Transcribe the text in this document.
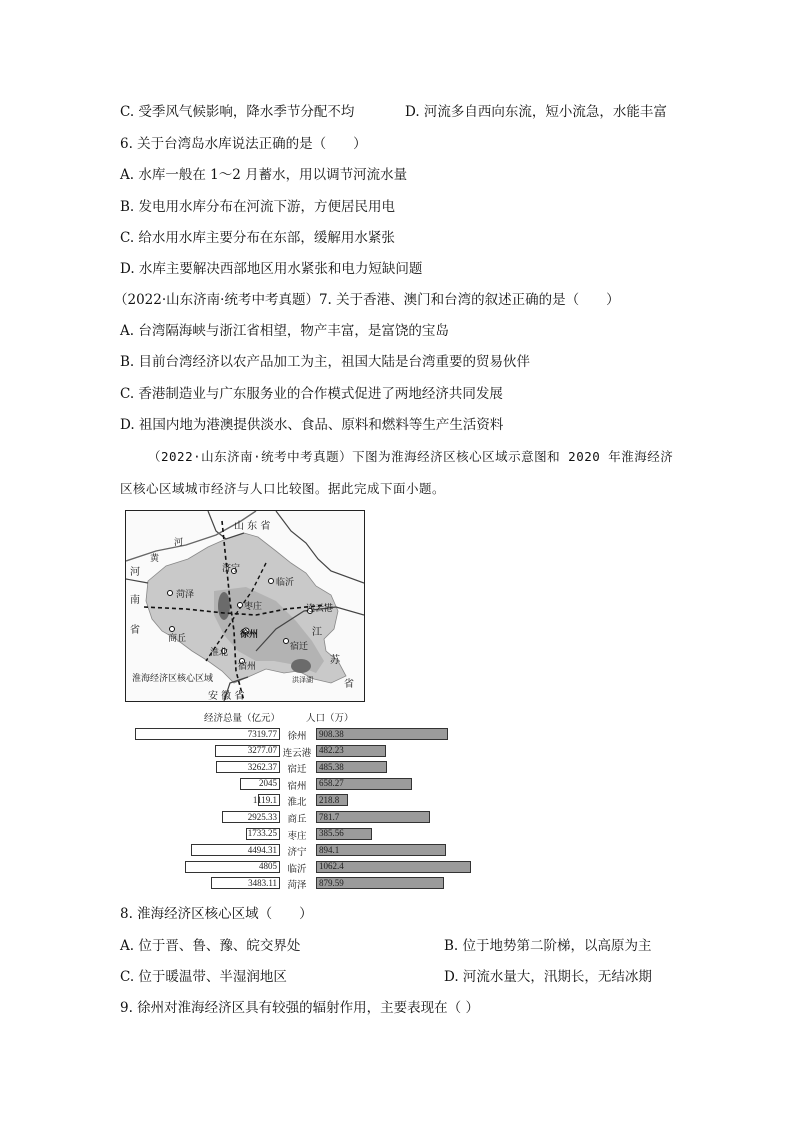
C. 受季风气候影响，降水季节分配不均	D. 河流多自西向东流，短小流急，水能丰富
6. 关于台湾岛水库说法正确的是（　　）
A. 水库一般在 1～2 月蓄水，用以调节河流水量
B. 发电用水库分布在河流下游，方便居民用电
C. 给水用水库主要分布在东部，缓解用水紧张
D. 水库主要解决西部地区用水紧张和电力短缺问题
（2022·山东济南·统考中考真题）7. 关于香港、澳门和台湾的叙述正确的是（　　）
A. 台湾隔海峡与浙江省相望，物产丰富，是富饶的宝岛
B. 目前台湾经济以农产品加工为主，祖国大陆是台湾重要的贸易伙伴
C. 香港制造业与广东服务业的合作模式促进了两地经济共同发展
D. 祖国内地为港澳提供淡水、食品、原料和燃料等生产生活资料
（2022·山东济南·统考中考真题）下图为淮海经济区核心区域示意图和 2020 年淮海经济
区核心区域城市经济与人口比较图。据此完成下面小题。
山 东 省
河
南
省
黄
河
江
苏
省
安 徽 省
济宁
临沂
菏泽
枣庄	连云港
商丘	徐州
宿迁
淮北
宿州
洪泽湖
淮海经济区核心区域
经济总量（亿元）	人口（万）
7319.77	徐州	908.38
3277.07 连云港 482.23
3262.37	宿迁	485.38
2045	宿州	658.27
1119.1	淮北	218.8
2925.33	商丘	781.7
1733.25	枣庄	385.56
4494.31	济宁	894.1
4805	临沂	1062.4
3483.11	菏泽	879.59
8. 淮海经济区核心区域（　　）
A. 位于晋、鲁、豫、皖交界处	B. 位于地势第二阶梯，以高原为主
C. 位于暖温带、半湿润地区	D. 河流水量大，汛期长，无结冰期
9. 徐州对淮海经济区具有较强的辐射作用，主要表现在（ ）
